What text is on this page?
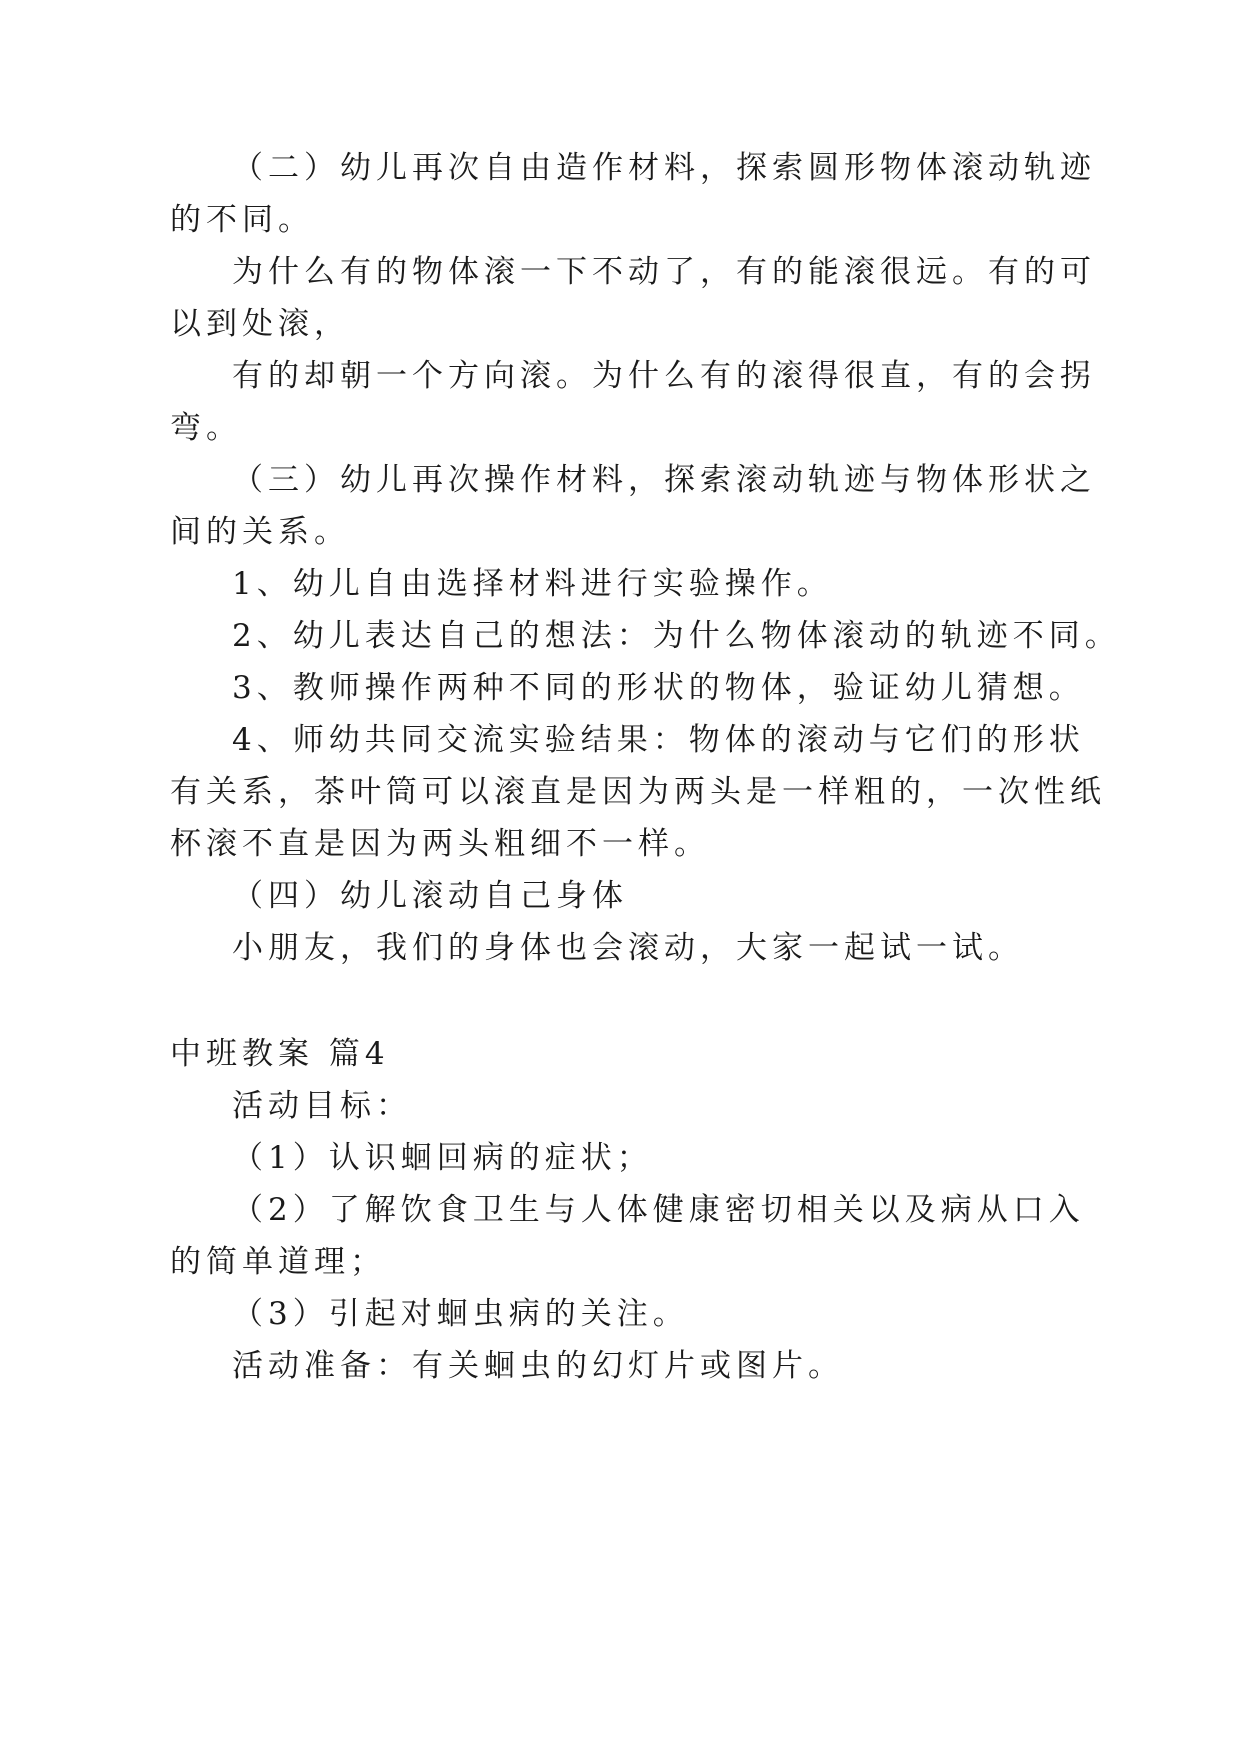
（二）幼儿再次自由造作材料，探索圆形物体滚动轨迹

的不同。

为什么有的物体滚一下不动了，有的能滚很远。有的可

以到处滚，

有的却朝一个方向滚。为什么有的滚得很直，有的会拐

弯。

（三）幼儿再次操作材料，探索滚动轨迹与物体形状之

间的关系。

1、幼儿自由选择材料进行实验操作。

2、幼儿表达自己的想法：为什么物体滚动的轨迹不同。

3、教师操作两种不同的形状的物体，验证幼儿猜想。

4、师幼共同交流实验结果：物体的滚动与它们的形状

有关系，茶叶筒可以滚直是因为两头是一样粗的，一次性纸

杯滚不直是因为两头粗细不一样。

（四）幼儿滚动自己身体

小朋友，我们的身体也会滚动，大家一起试一试。

中班教案 篇4

活动目标：

（1）认识蛔回病的症状；

（2）了解饮食卫生与人体健康密切相关以及病从口入

的简单道理；

（3）引起对蛔虫病的关注。

活动准备：有关蛔虫的幻灯片或图片。
